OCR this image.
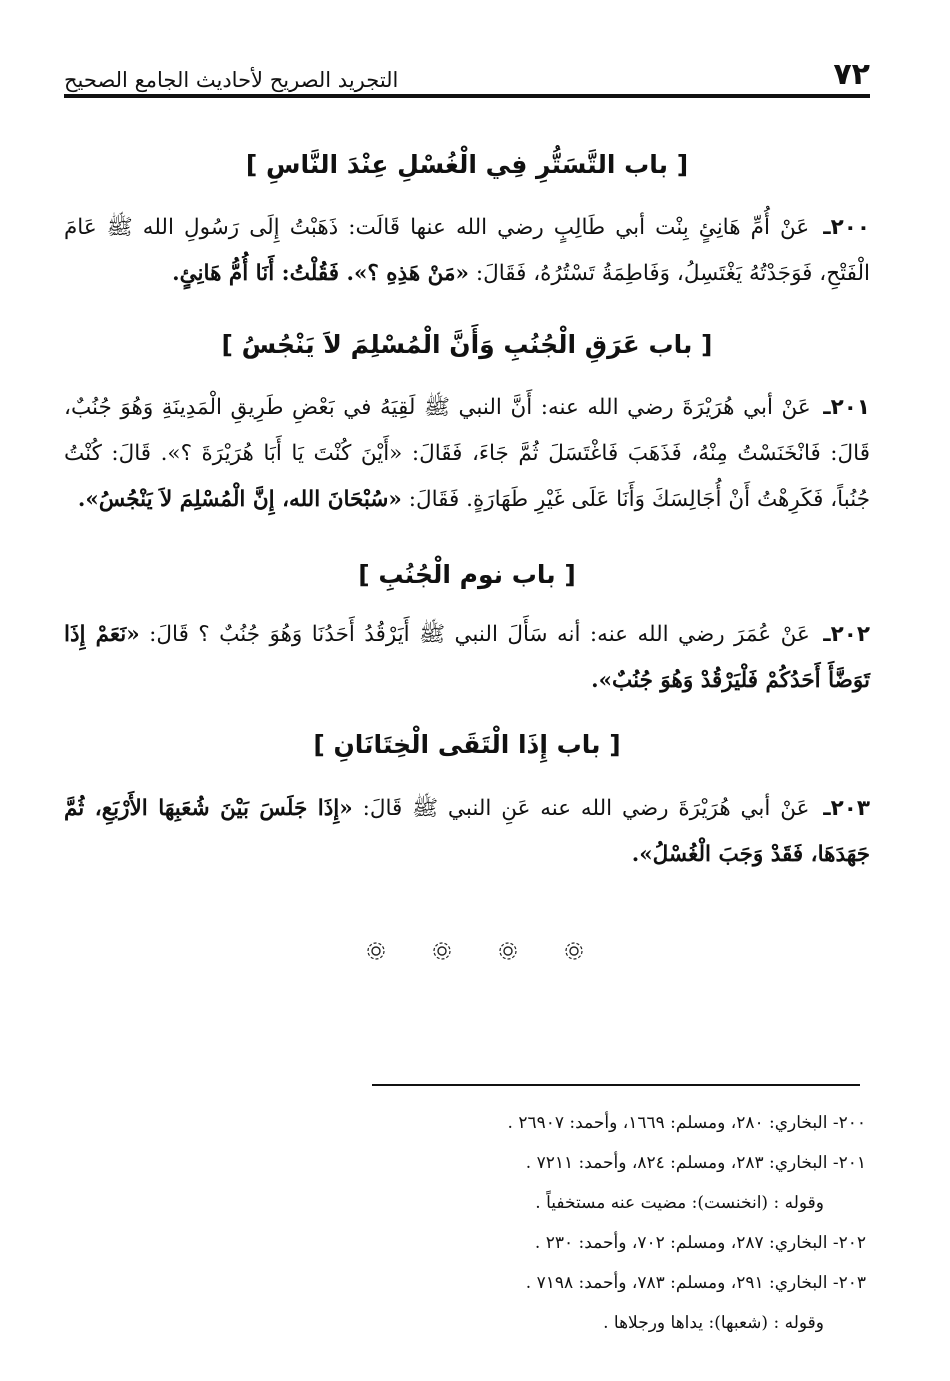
٧٢
التجريد الصريح لأحاديث الجامع الصحيح
[ باب التَّسَتُّرِ فِي الْغُسْلِ عِنْدَ النَّاسِ ]

٢٠٠ـ عَنْ أُمِّ هَانِئٍ بِنْت أبي طَالِبٍ رضي الله عنها قَالَت: ذَهَبْتُ إِلَى رَسُولِ الله ﷺ عَامَ الْفَتْحِ، فَوَجَدْتُهُ يَغْتَسِلُ، وَفَاطِمَةُ تَسْتُرُهُ، فَقَالَ: «مَنْ هَذِهِ ؟». فَقُلْتُ: أَنَا أُمُّ هَانِئٍ.

[ باب عَرَقِ الْجُنُبِ وَأَنَّ الْمُسْلِمَ لاَ يَنْجُسُ ]

٢٠١ـ عَنْ أبي هُرَيْرَةَ رضي الله عنه: أَنَّ النبي ﷺ لَقِيَهُ في بَعْضِ طَرِيقِ الْمَدِينَةِ وَهُوَ جُنُبٌ، قَالَ: فَانْخَنَسْتُ مِنْهُ، فَذَهَبَ فَاغْتَسَلَ ثُمَّ جَاءَ، فَقَالَ: «أَيْنَ كُنْتَ يَا أَبَا هُرَيْرَةَ ؟». قَالَ: كُنْتُ جُنُباً، فَكَرِهْتُ أَنْ أُجَالِسَكَ وَأَنَا عَلَى غَيْرِ طَهَارَةٍ. فَقَالَ: «سُبْحَانَ الله، إِنَّ الْمُسْلِمَ لاَ يَنْجُسُ».

[ باب نوم الْجُنُبِ ]

٢٠٢ـ عَنْ عُمَرَ رضي الله عنه: أنه سَأَلَ النبي ﷺ أَيَرْقُدُ أَحَدُنَا وَهُوَ جُنُبٌ ؟ قَالَ: «نَعَمْ إِذَا تَوَضَّأَ أَحَدُكُمْ فَلْيَرْقُدْ وَهُوَ جُنُبٌ».

[ باب إِذَا الْتَقَى الْخِتَانَانِ ]

٢٠٣ـ عَنْ أبي هُرَيْرَةَ رضي الله عنه عَنِ النبي ﷺ قَالَ: «إِذَا جَلَسَ بَيْنَ شُعَبِهَا الأَرْبَعِ، ثُمَّ جَهَدَهَا، فَقَدْ وَجَبَ الْغُسْلُ».

٢٠٠- البخاري: ٢٨٠، ومسلم: ١٦٦٩، وأحمد: ٢٦٩٠٧ .
٢٠١- البخاري: ٢٨٣، ومسلم: ٨٢٤، وأحمد: ٧٢١١ .
وقوله : (انخنست): مضيت عنه مستخفياً .
٢٠٢- البخاري: ٢٨٧، ومسلم: ٧٠٢، وأحمد: ٢٣٠ .
٢٠٣- البخاري: ٢٩١، ومسلم: ٧٨٣، وأحمد: ٧١٩٨ .
وقوله : (شعبها): يداها ورجلاها .
